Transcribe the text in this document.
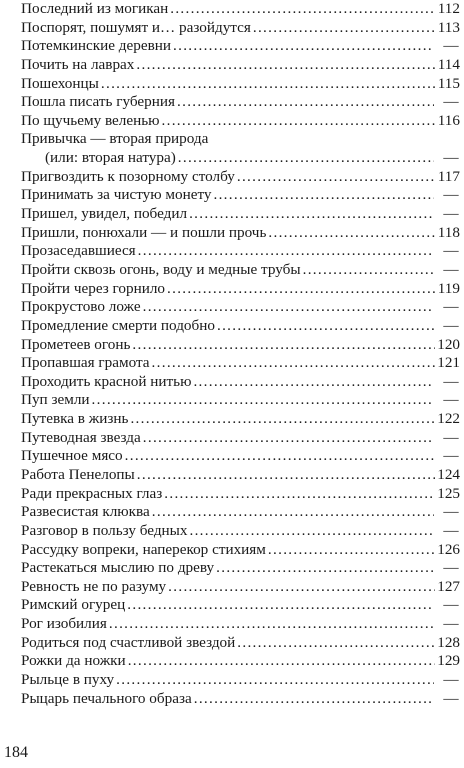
Последний из могикан .....	112
Поспорят, пошумят и… разойдутся .....	113
Потемкинские деревни .....	—
Почить на лаврах .....	114
Пошехонцы .....	115
Пошла писать губерния .....	—
По щучьему веленью .....	116
Привычка — вторая природа
(или: вторая натура) .....	—
Пригвоздить к позорному столбу .....	117
Принимать за чистую монету .....	—
Пришел, увидел, победил .....	—
Пришли, понюхали — и пошли прочь .....	118
Прозаседавшиеся .....	—
Пройти сквозь огонь, воду и медные трубы .....	—
Пройти через горнило .....	119
Прокрустово ложе .....	—
Промедление смерти подобно .....	—
Прометеев огонь .....	120
Пропавшая грамота .....	121
Проходить красной нитью .....	—
Пуп земли .....	—
Путевка в жизнь .....	122
Путеводная звезда .....	—
Пушечное мясо .....	—
Работа Пенелопы .....	124
Ради прекрасных глаз .....	125
Развесистая клюква .....	—
Разговор в пользу бедных .....	—
Рассудку вопреки, наперекор стихиям .....	126
Растекаться мыслию по древу .....	—
Ревность не по разуму .....	127
Римский огурец .....	—
Рог изобилия .....	—
Родиться под счастливой звездой .....	128
Рожки да ножки .....	129
Рыльце в пуху .....	—
Рыцарь печального образа .....	—
184
